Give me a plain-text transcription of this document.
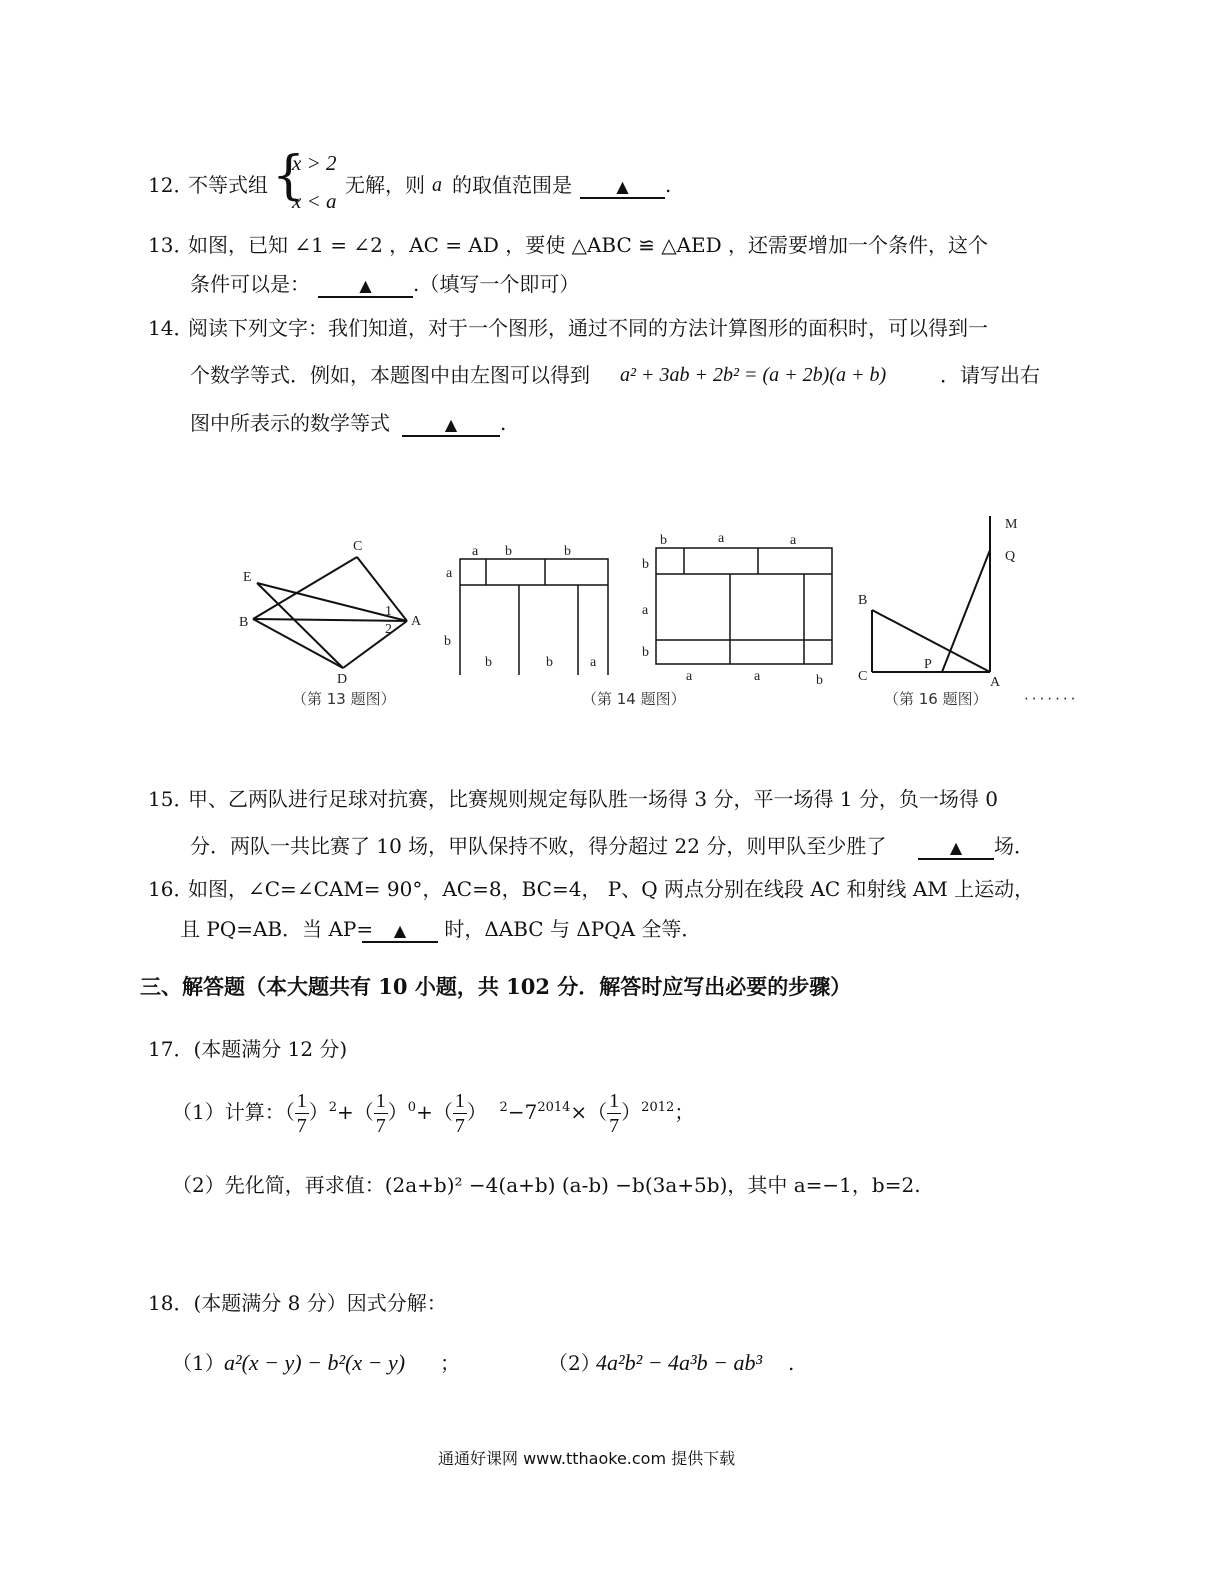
12．
不等式组 {
x > 2
x < a
无解，则 a 的取值范围是	▲ .
13．
如图，已知 ∠1 = ∠2 ，AC = AD ，要使 △ABC ≌ △AED ，还需要增加一个条件，这个
条件可以是：	▲ .（填写一个即可）
14．
阅读下列文字：我们知道，对于一个图形，通过不同的方法计算图形的面积时，可以得到一
个数学等式．例如，本题图中由左图可以得到 a² + 3ab + 2b² = (a + 2b)(a + b)	．请写出右
图中所表示的数学等式	▲ .
C
E
B
1
2
A
D
（第 13 题图）
a b	b
a
b
b	b	a
b	a	a
b
a
b
a	a	b
（第 14 题图）
M
Q
B
C
P
A
（第 16 题图） ·······
15．
甲、乙两队进行足球对抗赛，比赛规则规定每队胜一场得 3 分，平一场得 1 分，负一场得 0
分．两队一共比赛了 10 场，甲队保持不败，得分超过 22 分，则甲队至少胜了	▲ 场．
16．
如图，∠C=∠CAM= 90°，AC=8，BC=4， P、Q 两点分别在线段 AC 和射线 AM 上运动，
且 PQ=AB．当 AP=	▲ 时，ΔABC 与 ΔPQA 全等．
三、解答题（本大题共有 10 小题，共 102 分．解答时应写出必要的步骤）
17．(本题满分 12 分)
（1）计算：（ $\frac{1}{7} )^2+( \frac{1}{7} )^0+( \frac{1}{7}$ ）  $^2-7^{2014}\times( \frac{1}{7} )^{2012}$；
（2）先化简，再求值：(2a+b)² −4(a+b) (a-b) −b(3a+5b)，其中 a=−1，b=2.
18．(本题满分 8 分）因式分解：
（1） a²(x − y) − b²(x − y) ；	（2）
4a²b² − 4a³b − ab³ .
通通好课网 www.tthaoke.com 提供下载
